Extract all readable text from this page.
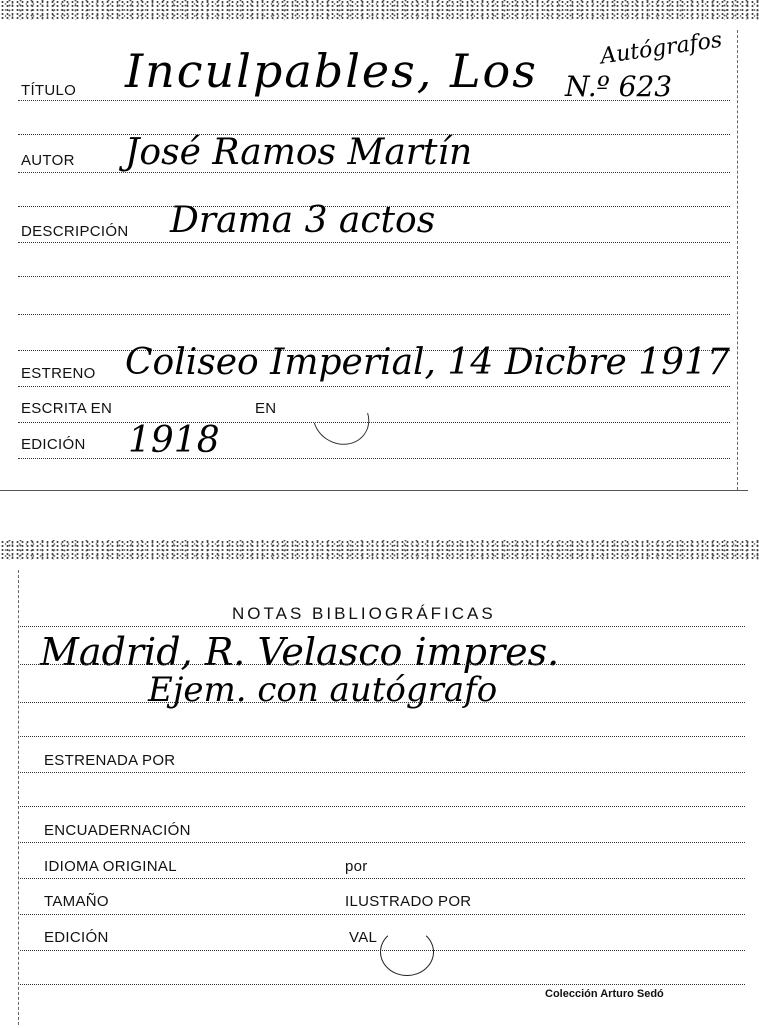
TÍTULO Inculpables, Los N.º 623
Autógrafos
AUTOR José Ramos Martín
DESCRIPCIÓN Drama 3 actos
ESTRENO Coliseo Imperial, 14 Dicbre 1917
ESCRITA EN	EN
EDICIÓN 1918
NOTAS BIBLIOGRÁFICAS
Madrid, R. Velasco impres.
Ejem. con autógrafo
ESTRENADA POR
ENCUADERNACIÓN
IDIOMA ORIGINAL	por
TAMAÑO	ILUSTRADO POR
EDICIÓN	VAL
Colección Arturo Sedó
